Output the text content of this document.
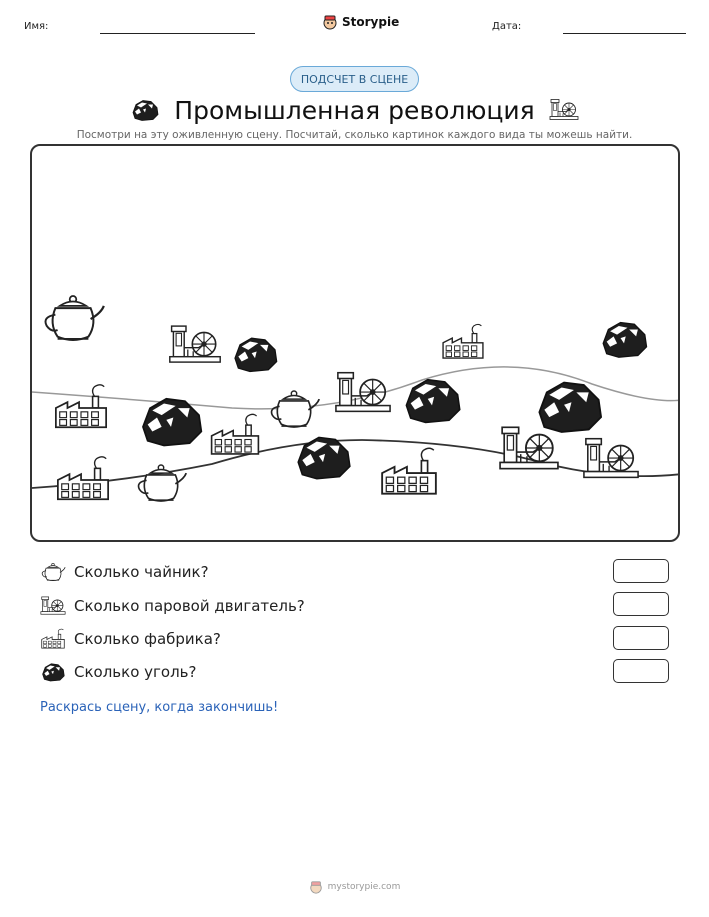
Имя:	Storypie	Дата:
ПОДСЧЕТ В СЦЕНЕ
Промышленная революция
Посмотри на эту оживленную сцену. Посчитай, сколько картинок каждого вида ты можешь найти.
Сколько чайник?
Сколько паровой двигатель?
Сколько фабрика?
Сколько уголь?
Раскрась сцену, когда закончишь!
mystorypie.com
